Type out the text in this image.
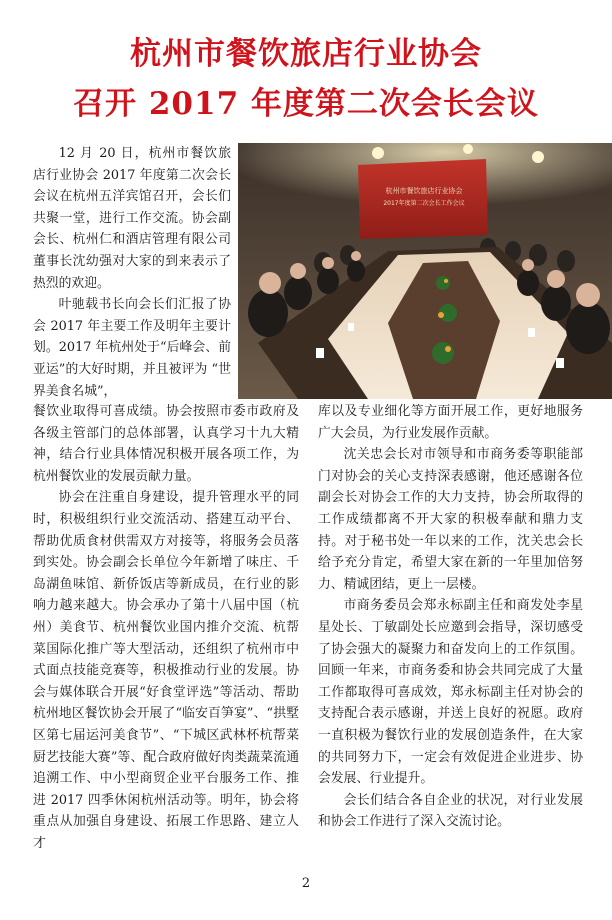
杭州市餐饮旅店行业协会
召开 2017 年度第二次会长会议
杭州市餐饮旅店行业协会
2017年度第二次会长工作会议

12 月 20 日，杭州市餐饮旅店行业协会 2017 年度第二次会长会议在杭州五洋宾馆召开，会长们共聚一堂，进行工作交流。协会副会长、杭州仁和酒店管理有限公司董事长沈幼强对大家的到来表示了热烈的欢迎。

叶驰载书长向会长们汇报了协会 2017 年主要工作及明年主要计划。2017 年杭州处于“后峰会、前亚运”的大好时期，并且被评为 “世界美食名城”，

餐饮业取得可喜成绩。协会按照市委市政府及各级主管部门的总体部署，认真学习十九大精神，结合行业具体情况积极开展各项工作，为杭州餐饮业的发展贡献力量。

协会在注重自身建设，提升管理水平的同时，积极组织行业交流活动、搭建互动平台、帮助优质食材供需双方对接等，将服务会员落到实处。协会副会长单位今年新增了味庄、千岛湖鱼味馆、新侨饭店等新成员，在行业的影响力越来越大。协会承办了第十八届中国（杭州）美食节、杭州餐饮业国内推介交流、杭帮菜国际化推广等大型活动，还组织了杭州市中式面点技能竞赛等，积极推动行业的发展。协会与媒体联合开展“好食堂评选”等活动、帮助杭州地区餐饮协会开展了“临安百笋宴”、“拱墅区第七届运河美食节”、“下城区武林杯杭帮菜厨艺技能大赛”等、配合政府做好肉类蔬菜流通追溯工作、中小型商贸企业平台服务工作、推进 2017 四季休闲杭州活动等。明年，协会将重点从加强自身建设、拓展工作思路、建立人才

库以及专业细化等方面开展工作，更好地服务广大会员，为行业发展作贡献。

沈关忠会长对市领导和市商务委等职能部门对协会的关心支持深表感谢，他还感谢各位副会长对协会工作的大力支持，协会所取得的工作成绩都离不开大家的积极奉献和鼎力支持。对于秘书处一年以来的工作，沈关忠会长给予充分肯定，希望大家在新的一年里加倍努力、精诚团结，更上一层楼。

市商务委员会郑永标副主任和商发处李星星处长、丁敏副处长应邀到会指导，深切感受了协会强大的凝聚力和奋发向上的工作氛围。回顾一年来，市商务委和协会共同完成了大量工作都取得可喜成效，郑永标副主任对协会的支持配合表示感谢，并送上良好的祝愿。政府一直积极为餐饮行业的发展创造条件，在大家的共同努力下，一定会有效促进企业进步、协会发展、行业提升。

会长们结合各自企业的状况，对行业发展和协会工作进行了深入交流讨论。

2
